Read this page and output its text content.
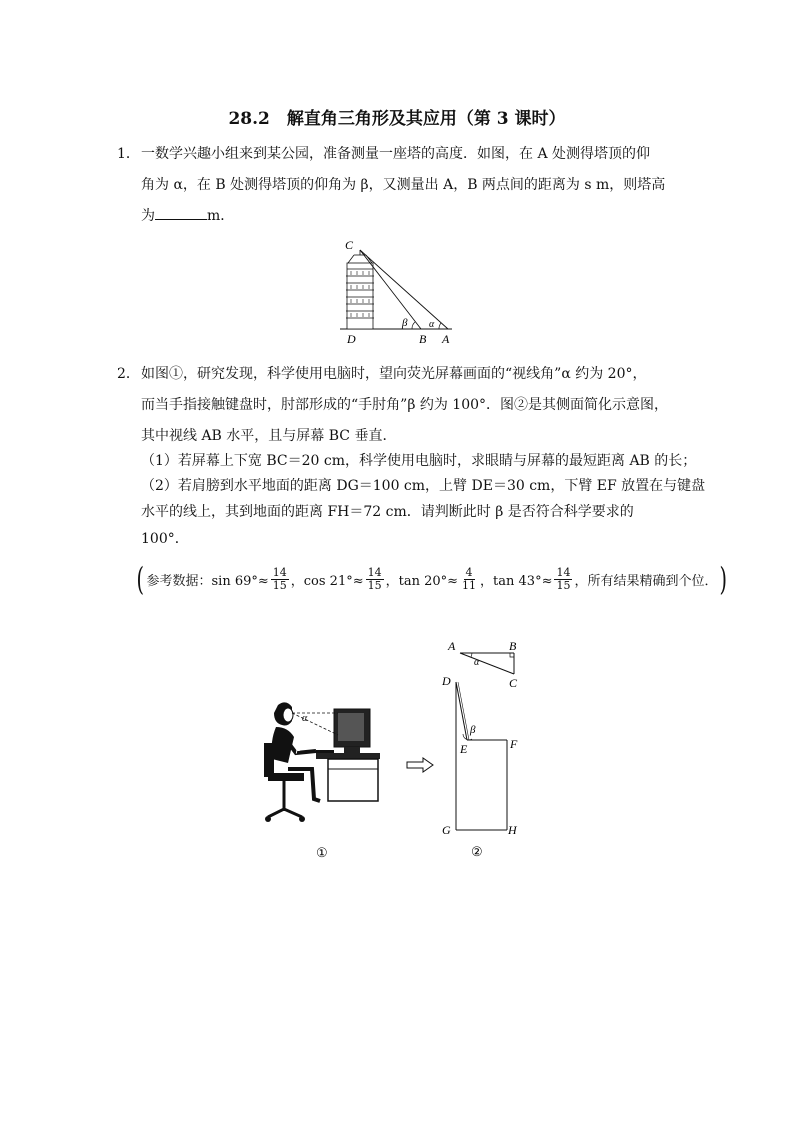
28.2　解直角三角形及其应用（第 3 课时）
1． 一数学兴趣小组来到某公园，准备测量一座塔的高度．如图，在 A 处测得塔顶的仰
角为 α，在 B 处测得塔顶的仰角为 β，又测量出 A，B 两点间的距离为 s m，则塔高
为	m．
C
D	B A
β α
2． 如图①，研究发现，科学使用电脑时，望向荧光屏幕画面的“视线角”α 约为 20°，
而当手指接触键盘时，肘部形成的“手肘角”β 约为 100°．图②是其侧面简化示意图，
其中视线 AB 水平，且与屏幕 BC 垂直．
（1）若屏幕上下宽 BC＝20 cm，科学使用电脑时，求眼睛与屏幕的最短距离 AB 的长；
（2）若肩膀到水平地面的距离 DG＝100 cm，上臂 DE＝30 cm，下臂 EF 放置在与键盘
水平的线上，其到地面的距离 FH＝72 cm．请判断此时 β 是否符合科学要求的
100°．
( 参考数据：$\sin 69^\circ\approx \frac{14}{15}$ ，$\cos 21^\circ\approx \frac{14}{15}$ ，$\tan 20^\circ\approx \frac{4}{11}$ ，$\tan 43^\circ\approx \frac{14}{15}$ ，所有结果精确到个位． )
α
β
①
A	B
C
α
D
β
E	F
G	H
②
